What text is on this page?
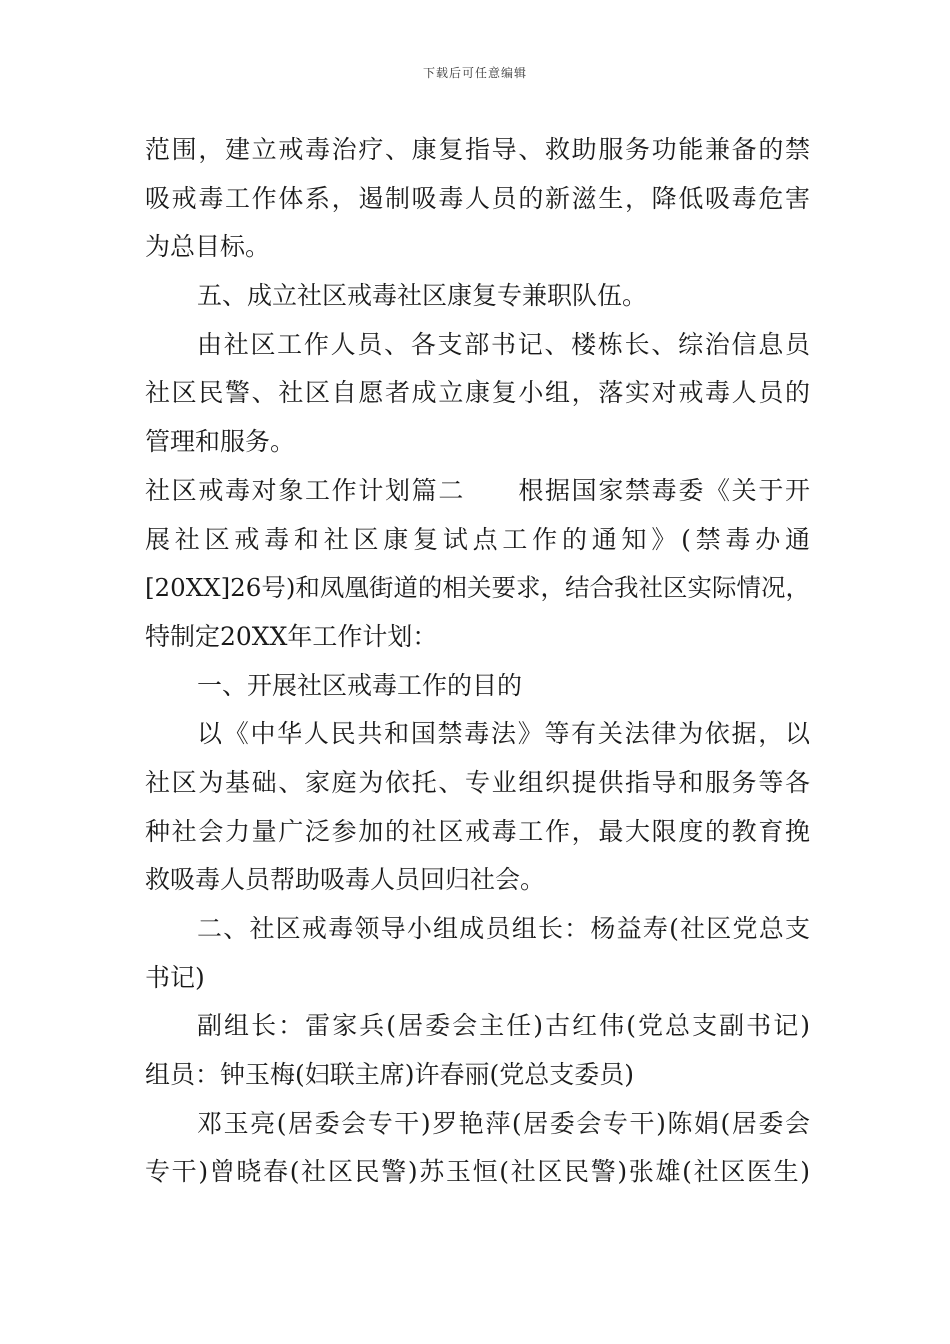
下载后可任意编辑
范围，建立戒毒治疗、康复指导、救助服务功能兼备的禁
吸戒毒工作体系，遏制吸毒人员的新滋生，降低吸毒危害
为总目标。
五、成立社区戒毒社区康复专兼职队伍。
由社区工作人员、各支部书记、楼栋长、综治信息员
社区民警、社区自愿者成立康复小组，落实对戒毒人员的
管理和服务。
社区戒毒对象工作计划篇二　　根据国家禁毒委《关于开
展社区戒毒和社区康复试点工作的通知》(禁毒办通
[20XX]26号)和凤凰街道的相关要求，结合我社区实际情况，
特制定20XX年工作计划：
一、开展社区戒毒工作的目的
以《中华人民共和国禁毒法》等有关法律为依据，以
社区为基础、家庭为依托、专业组织提供指导和服务等各
种社会力量广泛参加的社区戒毒工作，最大限度的教育挽
救吸毒人员帮助吸毒人员回归社会。
二、社区戒毒领导小组成员组长：杨益寿(社区党总支
书记)
副组长：雷家兵(居委会主任)古红伟(党总支副书记)
组员：钟玉梅(妇联主席)许春丽(党总支委员)
邓玉亮(居委会专干)罗艳萍(居委会专干)陈娟(居委会
专干)曾晓春(社区民警)苏玉恒(社区民警)张雄(社区医生)
